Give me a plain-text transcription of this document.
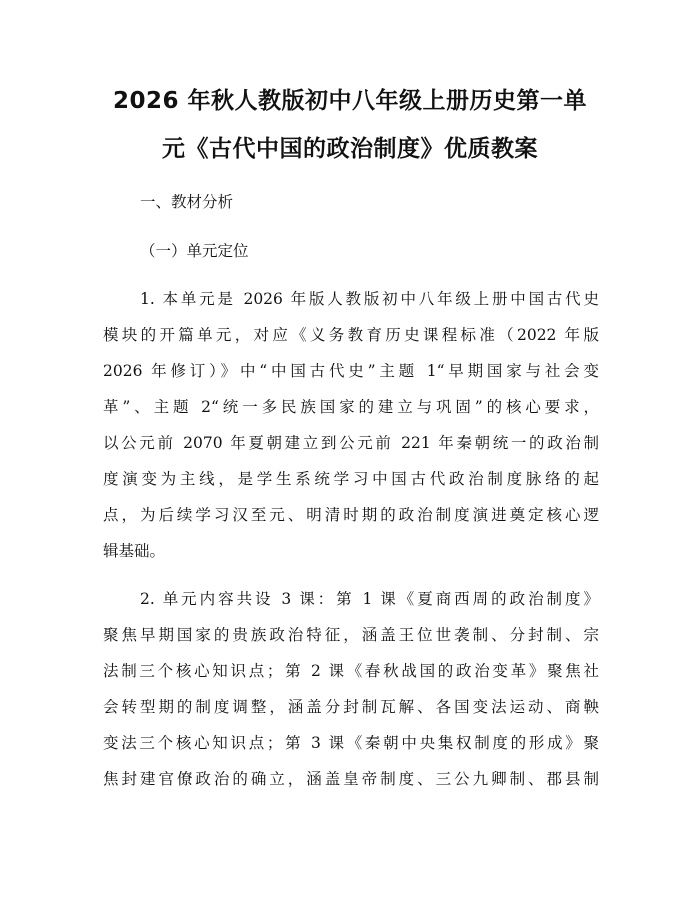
2026 年秋人教版初中八年级上册历史第一单
元《古代中国的政治制度》优质教案
一、教材分析
（一）单元定位
1. 本单元是 2026 年版人教版初中八年级上册中国古代史
模块的开篇单元，对应《义务教育历史课程标准（2022 年版
2026 年修订）》中“中国古代史”主题 1“早期国家与社会变
革”、主题 2“统一多民族国家的建立与巩固”的核心要求，
以公元前 2070 年夏朝建立到公元前 221 年秦朝统一的政治制
度演变为主线，是学生系统学习中国古代政治制度脉络的起
点，为后续学习汉至元、明清时期的政治制度演进奠定核心逻
辑基础。
2. 单元内容共设 3 课：第 1 课《夏商西周的政治制度》
聚焦早期国家的贵族政治特征，涵盖王位世袭制、分封制、宗
法制三个核心知识点；第 2 课《春秋战国的政治变革》聚焦社
会转型期的制度调整，涵盖分封制瓦解、各国变法运动、商鞅
变法三个核心知识点；第 3 课《秦朝中央集权制度的形成》聚
焦封建官僚政治的确立，涵盖皇帝制度、三公九卿制、郡县制
